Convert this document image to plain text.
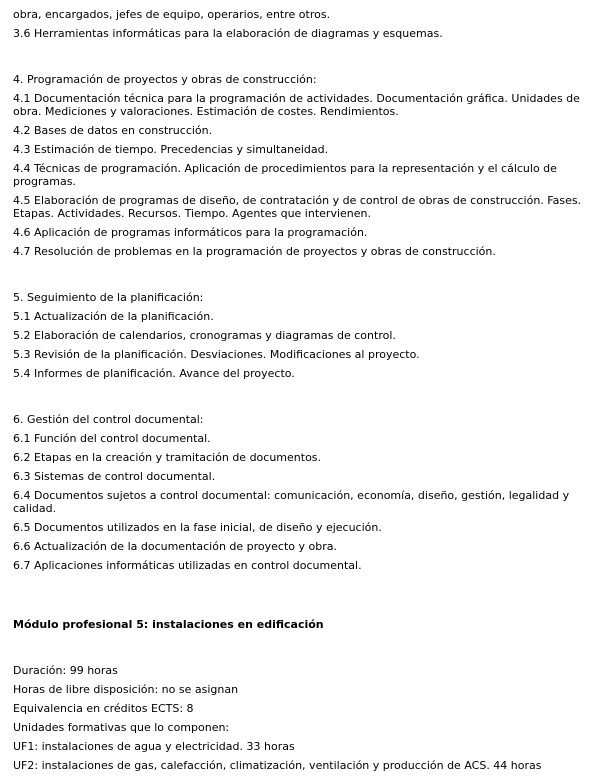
obra, encargados, jefes de equipo, operarios, entre otros.

3.6 Herramientas informáticas para la elaboración de diagramas y esquemas.

4. Programación de proyectos y obras de construcción:

4.1 Documentación técnica para la programación de actividades. Documentación gráfica. Unidades de obra. Mediciones y valoraciones. Estimación de costes. Rendimientos.

4.2 Bases de datos en construcción.

4.3 Estimación de tiempo. Precedencias y simultaneidad.

4.4 Técnicas de programación. Aplicación de procedimientos para la representación y el cálculo de programas.

4.5 Elaboración de programas de diseño, de contratación y de control de obras de construcción. Fases. Etapas. Actividades. Recursos. Tiempo. Agentes que intervienen.

4.6 Aplicación de programas informáticos para la programación.

4.7 Resolución de problemas en la programación de proyectos y obras de construcción.

5. Seguimiento de la planificación:

5.1 Actualización de la planificación.

5.2 Elaboración de calendarios, cronogramas y diagramas de control.

5.3 Revisión de la planificación. Desviaciones. Modificaciones al proyecto.

5.4 Informes de planificación. Avance del proyecto.

6. Gestión del control documental:

6.1 Función del control documental.

6.2 Etapas en la creación y tramitación de documentos.

6.3 Sistemas de control documental.

6.4 Documentos sujetos a control documental: comunicación, economía, diseño, gestión, legalidad y calidad.

6.5 Documentos utilizados en la fase inicial, de diseño y ejecución.

6.6 Actualización de la documentación de proyecto y obra.

6.7 Aplicaciones informáticas utilizadas en control documental.

Módulo profesional 5: instalaciones en edificación

Duración: 99 horas

Horas de libre disposición: no se asignan

Equivalencia en créditos ECTS: 8

Unidades formativas que lo componen:

UF1: instalaciones de agua y electricidad. 33 horas

UF2: instalaciones de gas, calefacción, climatización, ventilación y producción de ACS. 44 horas
